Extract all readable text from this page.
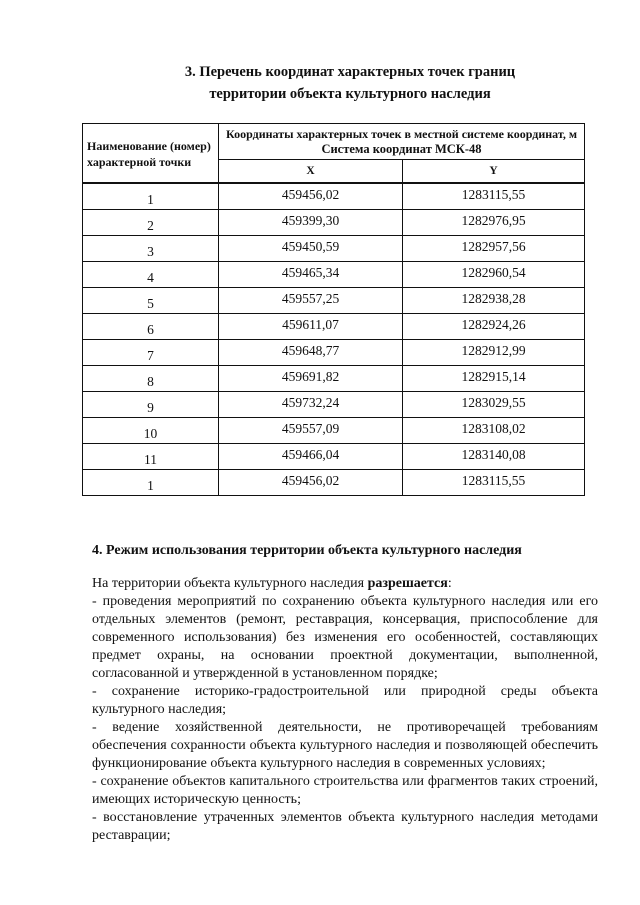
3. Перечень координат характерных точек границ
территории объекта культурного наследия
Наименование (номер) характерной точки	Координаты характерных точек в местной системе координат, м
Система координат МСК-48	

	X	Y
1	459456,02	1283115,55
2	459399,30	1282976,95
3	459450,59	1282957,56
4	459465,34	1282960,54
5	459557,25	1282938,28
6	459611,07	1282924,26
7	459648,77	1282912,99
8	459691,82	1282915,14
9	459732,24	1283029,55
10	459557,09	1283108,02
11	459466,04	1283140,08
1	459456,02	1283115,55
4. Режим использования территории объекта культурного наследия

На территории объекта культурного наследия разрешается:

- проведения мероприятий по сохранению объекта культурного наследия или его отдельных элементов (ремонт, реставрация, консервация, приспособление для современного использования) без изменения его особенностей, составляющих предмет охраны, на основании проектной документации, выполненной, согласованной и утвержденной в установленном порядке;

- сохранение историко-градостроительной или природной среды объекта культурного наследия;

- ведение хозяйственной деятельности, не противоречащей требованиям обеспечения сохранности объекта культурного наследия и позволяющей обеспечить функционирование объекта культурного наследия в современных условиях;

- сохранение объектов капитального строительства или фрагментов таких строений, имеющих историческую ценность;

- восстановление утраченных элементов объекта культурного наследия методами реставрации;
